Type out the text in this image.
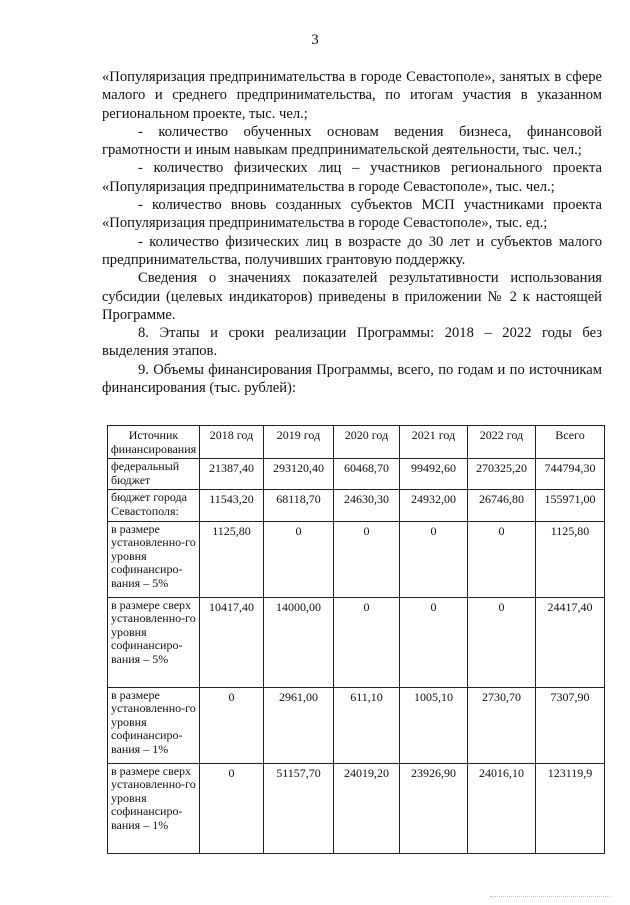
3

«Популяризация предпринимательства в городе Севастополе», занятых в сфере малого и среднего предпринимательства, по итогам участия в указанном региональном проекте, тыс. чел.;

- количество обученных основам ведения бизнеса, финансовой грамотности и иным навыкам предпринимательской деятельности, тыс. чел.;

- количество физических лиц – участников регионального проекта «Популяризация предпринимательства в городе Севастополе», тыс. чел.;

- количество вновь созданных субъектов МСП участниками проекта «Популяризация предпринимательства в городе Севастополе», тыс. ед.;

- количество физических лиц в возрасте до 30 лет и субъектов малого предпринимательства, получивших грантовую поддержку.

Сведения о значениях показателей результативности использования субсидии (целевых индикаторов) приведены в приложении № 2 к настоящей Программе.

8. Этапы и сроки реализации Программы: 2018 – 2022 годы без выделения этапов.

9. Объемы финансирования Программы, всего, по годам и по источникам финансирования (тыс. рублей):

Источник финансирования	2018 год	2019 год	2020 год	2021 год	2022 год	Всего
федеральный бюджет	21387,40	293120,40	60468,70	99492,60	270325,20	744794,30
бюджет города Севастополя:	11543,20	68118,70	24630,30	24932,00	26746,80	155971,00
в размере установленно-го уровня софинансиро-вания – 5%	1125,80	0	0	0	0	1125,80
в размере сверх установленно-го уровня софинансиро-вания – 5%	10417,40	14000,00	0	0	0	24417,40
в размере установленно-го уровня софинансиро-вания – 1%	0	2961,00	611,10	1005,10	2730,70	7307,90
в размере сверх установленно-го уровня софинансиро-вания – 1%	0	51157,70	24019,20	23926,90	24016,10	123119,9
